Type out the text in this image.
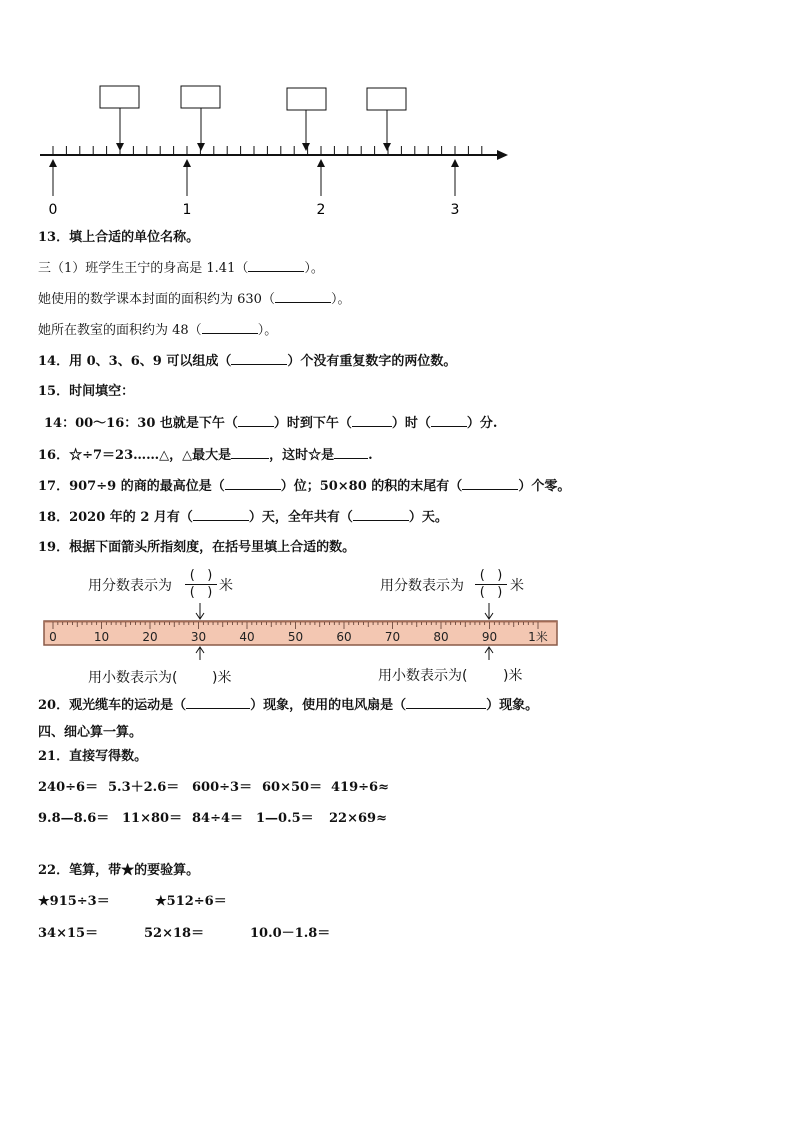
0	1	2	3
13．填上合适的单位名称。
三（1）班学生王宁的身高是 1.41（	）。
她使用的数学课本封面的面积约为 630（	）。
她所在教室的面积约为 48（	）。
14．用 0、3、6、9 可以组成（	）个没有重复数字的两位数。
15．时间填空：
14：00～16：30 也就是下午（	）时到下午（	）时（	）分.
16．☆÷7＝23……△，△最大是	，这时☆是	.
17．907÷9 的商的最高位是（	）位；50×80 的积的末尾有（	）个零。
18．2020 年的 2 月有（	）天，全年共有（	）天。
19．根据下面箭头所指刻度，在括号里填上合适的数。
用分数表示为
( )
( ) 米	用分数表示为
( )
( ) 米
0	10	20	30	40	50	60	70	80	90	1米
用小数表示为( )米	用小数表示为(	)米
20．观光缆车的运动是（	）现象，使用的电风扇是（	）现象。
四、细心算一算。
21．直接写得数。
240÷6＝ 5.3＋2.6＝ 600÷3＝ 60×50＝ 419÷6≈
9.8—8.6＝ 11×80＝ 84÷4＝ 1—0.5＝ 22×69≈
22．笔算，带★的要验算。
★915÷3＝	★512÷6＝
34×15＝	52×18＝	10.0－1.8＝
